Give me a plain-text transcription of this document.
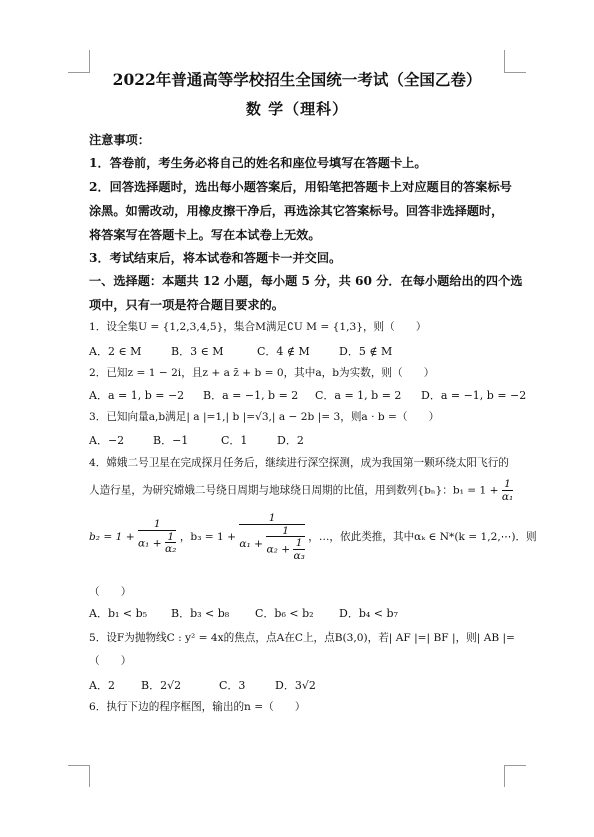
2022年普通高等学校招生全国统一考试（全国乙卷）
数 学（理科）
注意事项：
1．答卷前，考生务必将自己的姓名和座位号填写在答题卡上。
2．回答选择题时，选出每小题答案后，用铅笔把答题卡上对应题目的答案标号
涂黑。如需改动，用橡皮擦干净后，再选涂其它答案标号。回答非选择题时，
将答案写在答题卡上。写在本试卷上无效。
3．考试结束后，将本试卷和答题卡一并交回。
一、选择题：本题共 12 小题，每小题 5 分，共 60 分．在每小题给出的四个选
项中，只有一项是符合题目要求的。
1．设全集U = {1,2,3,4,5}，集合M满足∁U M = {1,3}，则（　　）
A．2 ∈ M	B．3 ∈ M	C．4 ∉ M	D．5 ∉ M
2．已知z = 1 − 2i，且z + a z̄ + b = 0，其中a，b为实数，则（　　）
A．a = 1, b = −2 B．a = −1, b = 2 C．a = 1, b = 2 D．a = −1, b = −2
3．已知向量a,b满足| a |=1,| b |=√3,| a − 2b |= 3，则a · b =（　　）
A．−2	B．−1	C．1	D．2
4．嫦娥二号卫星在完成探月任务后，继续进行深空探测，成为我国第一颗环绕太阳飞行的
人造行星，为研究嫦娥二号绕日周期与地球绕日周期的比值，用到数列{bₙ}：$b_1 = 1 + \frac{1}{\text{α₁}}$
$b_2 = 1 + \frac{1}{\alpha_1 + \frac{1}{\text{α₂}}}$ ，b₃ = 1 +
1
$\alpha_1 + \frac{1}{\alpha_2 + \frac{1}{\text{α₃}}}$ ，…，依此类推，其中αₖ ∈ N*(k = 1,2,⋯)．则
（　　）
A．b₁ < b₅ B．b₃ < b₈ C．b₆ < b₂ D．b₄ < b₇
5．设F为抛物线C : y² = 4x的焦点，点A在C上，点B(3,0)，若| AF |=| BF |，则| AB |=
（　　）
A．2 B．2√2	C．3	D．3√2
6．执行下边的程序框图，输出的n =（　　）
